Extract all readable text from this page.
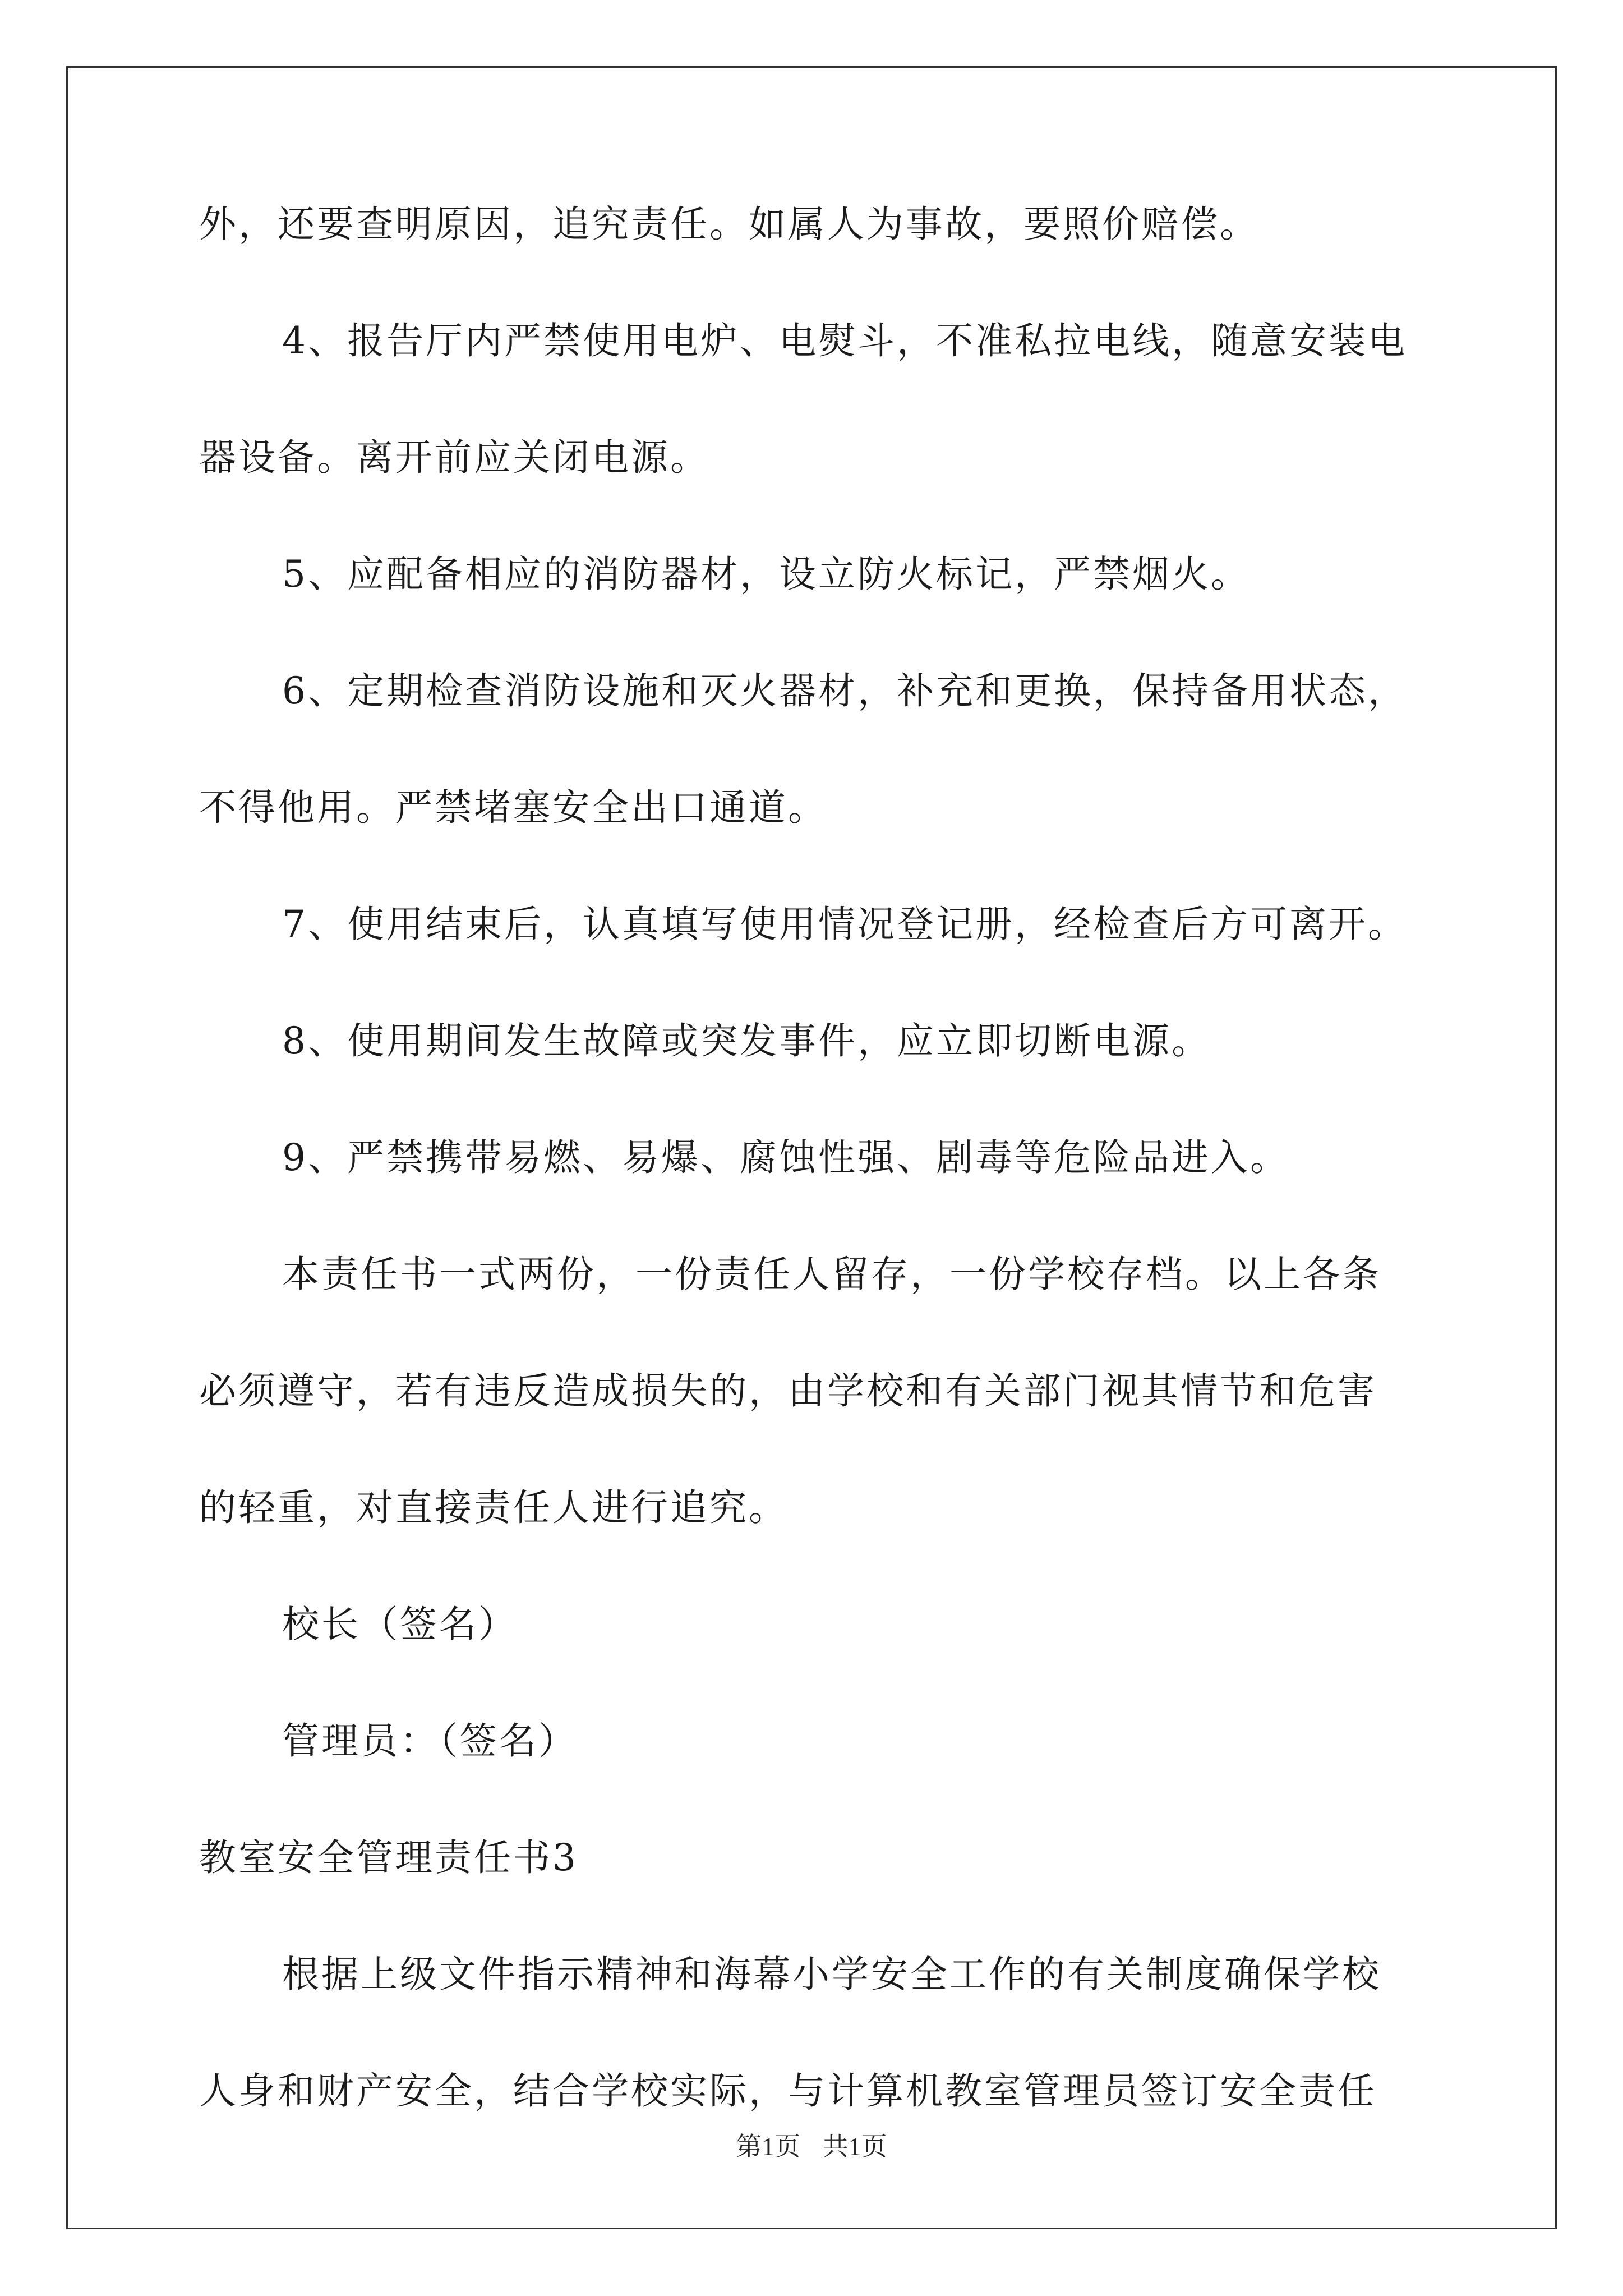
外，还要查明原因，追究责任。如属人为事故，要照价赔偿。
4、报告厅内严禁使用电炉、电熨斗，不准私拉电线，随意安装电
器设备。离开前应关闭电源。
5、应配备相应的消防器材，设立防火标记，严禁烟火。
6、定期检查消防设施和灭火器材，补充和更换，保持备用状态，
不得他用。严禁堵塞安全出口通道。
7、使用结束后，认真填写使用情况登记册，经检查后方可离开。
8、使用期间发生故障或突发事件，应立即切断电源。
9、严禁携带易燃、易爆、腐蚀性强、剧毒等危险品进入。
本责任书一式两份，一份责任人留存，一份学校存档。以上各条
必须遵守，若有违反造成损失的，由学校和有关部门视其情节和危害
的轻重，对直接责任人进行追究。
校长（签名）
管理员：（签名）
教室安全管理责任书3
根据上级文件指示精神和海幕小学安全工作的有关制度确保学校
人身和财产安全，结合学校实际，与计算机教室管理员签订安全责任
第1页 共1页
